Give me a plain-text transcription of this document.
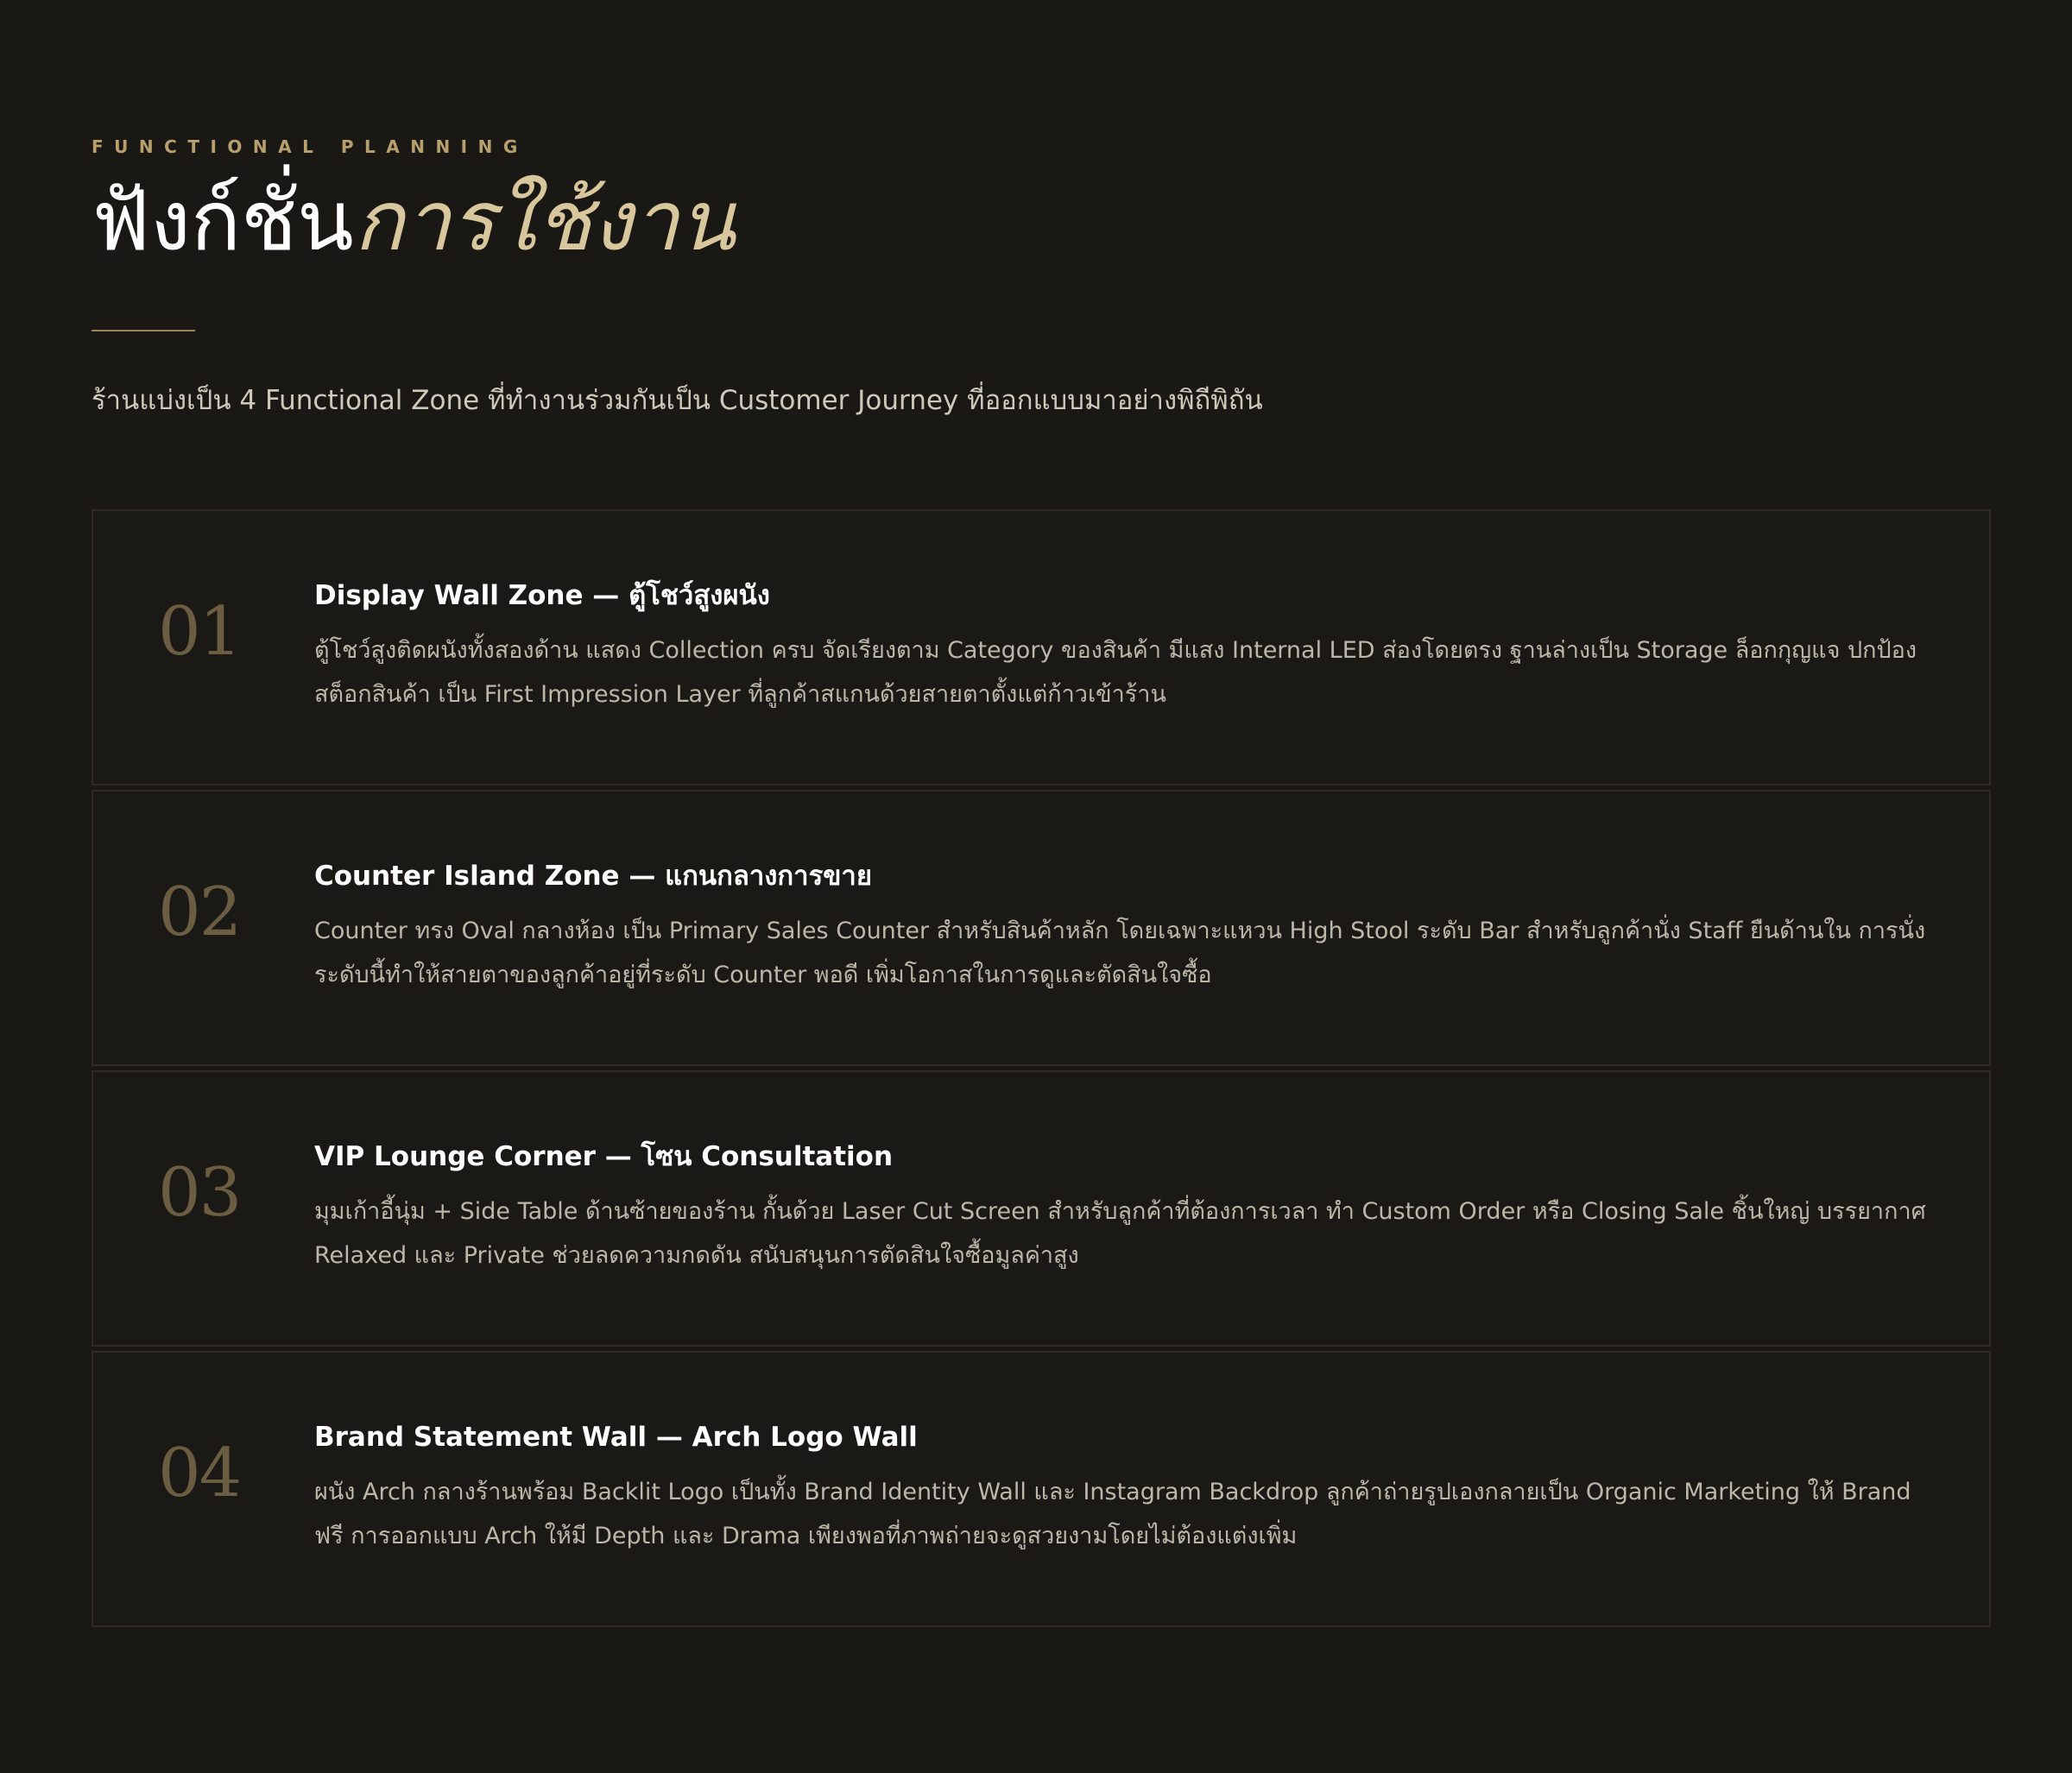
FUNCTIONAL PLANNING
ฟังก์ชั่นการใช้งาน
ร้านแบ่งเป็น 4 Functional Zone ที่ทำงานร่วมกันเป็น Customer Journey ที่ออกแบบมาอย่างพิถีพิถัน
01	Display Wall Zone — ตู้โชว์สูงผนัง

ตู้โชว์สูงติดผนังทั้งสองด้าน แสดง Collection ครบ จัดเรียงตาม Category ของสินค้า มีแสง Internal LED ส่องโดยตรง ฐานล่างเป็น Storage ล็อกกุญแจ ปกป้องสต็อกสินค้า เป็น First Impression Layer ที่ลูกค้าสแกนด้วยสายตาตั้งแต่ก้าวเข้าร้าน

02	Counter Island Zone — แกนกลางการขาย

Counter ทรง Oval กลางห้อง เป็น Primary Sales Counter สำหรับสินค้าหลัก โดยเฉพาะแหวน High Stool ระดับ Bar สำหรับลูกค้านั่ง Staff ยืนด้านใน การนั่งระดับนี้ทำให้สายตาของลูกค้าอยู่ที่ระดับ Counter พอดี เพิ่มโอกาสในการดูและตัดสินใจซื้อ

03	VIP Lounge Corner — โซน Consultation

มุมเก้าอี้นุ่ม + Side Table ด้านซ้ายของร้าน กั้นด้วย Laser Cut Screen สำหรับลูกค้าที่ต้องการเวลา ทำ Custom Order หรือ Closing Sale ชิ้นใหญ่ บรรยากาศ Relaxed และ Private ช่วยลดความกดดัน สนับสนุนการตัดสินใจซื้อมูลค่าสูง

04	Brand Statement Wall — Arch Logo Wall

ผนัง Arch กลางร้านพร้อม Backlit Logo เป็นทั้ง Brand Identity Wall และ Instagram Backdrop ลูกค้าถ่ายรูปเองกลายเป็น Organic Marketing ให้ Brand ฟรี การออกแบบ Arch ให้มี Depth และ Drama เพียงพอที่ภาพถ่ายจะดูสวยงามโดยไม่ต้องแต่งเพิ่ม
